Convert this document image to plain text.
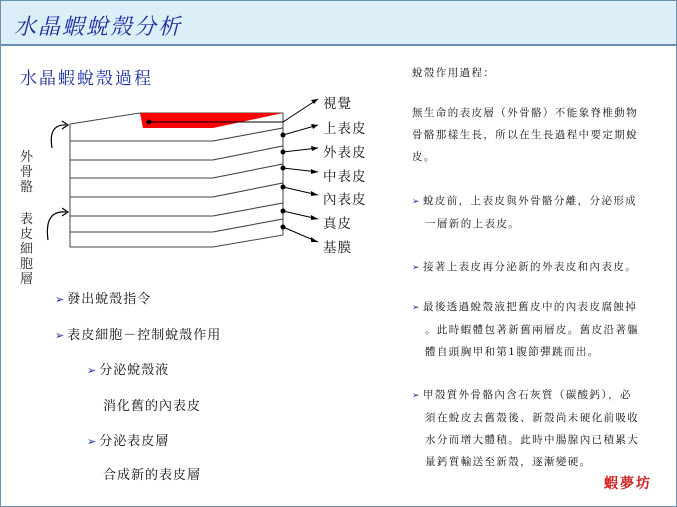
水晶蝦蛻殼分析
水晶蝦蛻殼過程
外骨骼
表皮細胞層
視覺
上表皮
外表皮
中表皮
內表皮
真皮
基膜
➢ 發出蛻殼指令
➢ 表皮細胞－控制蛻殼作用
➢ 分泌蛻殼液
消化舊的內表皮
➢ 分泌表皮層
合成新的表皮層
蛻殼作用過程：
無生命的表皮層（外骨骼）不能象脊椎動物
骨骼那樣生長，所以在生長過程中要定期蛻
皮。
➢ 蛻皮前，上表皮與外骨骼分離，分泌形成
一層新的上表皮。
➢ 接著上表皮再分泌新的外表皮和內表皮。
➢ 最後透過蛻殼液把舊皮中的內表皮腐蝕掉
。此時蝦體包著新舊兩層皮。舊皮沿著軀
體自頭胸甲和第1腹節彈跳而出。
➢ 甲殼質外骨骼內含石灰質（碳酸鈣），必
須在蛻皮去舊殼後、新殼尚未硬化前吸收
水分而增大體積。此時中腸腺內已積累大
量鈣質輸送至新殼，逐漸變硬。
蝦夢坊
